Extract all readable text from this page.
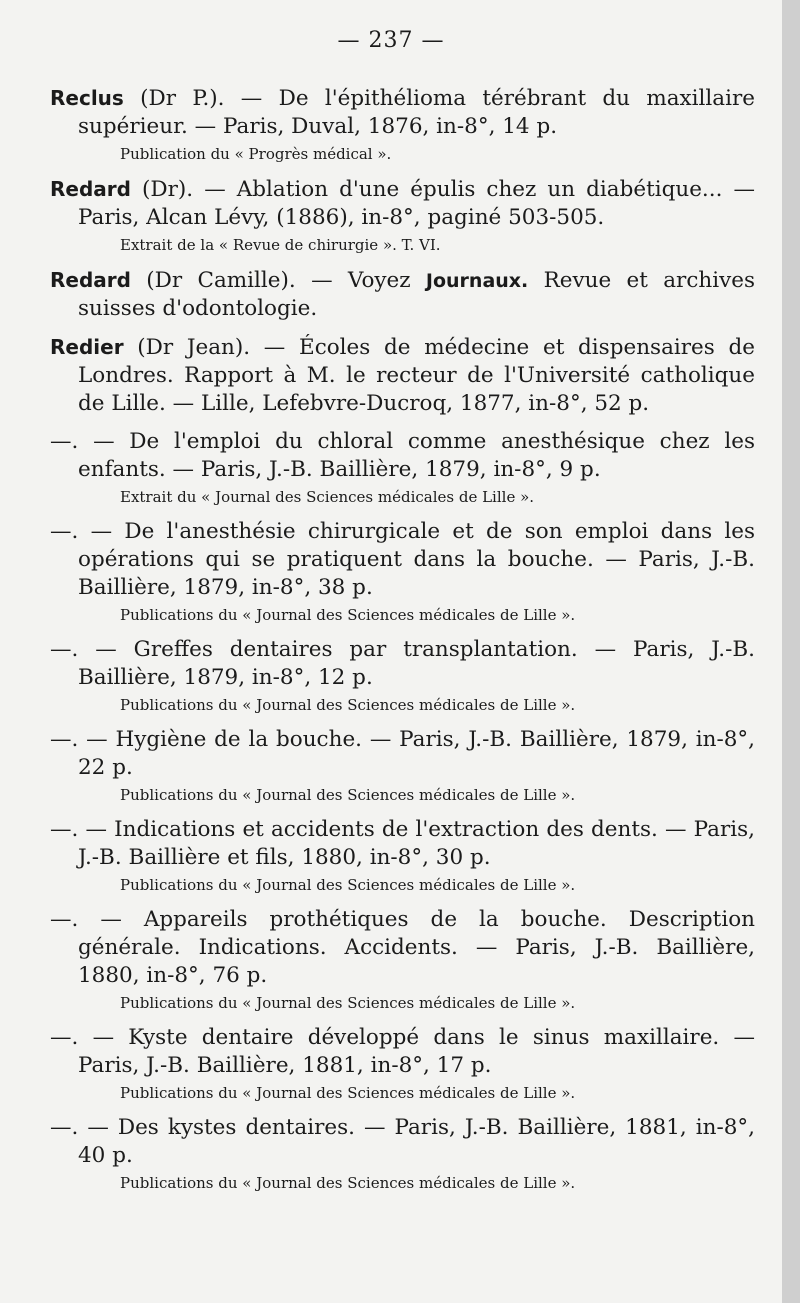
— 237 —
Reclus (Dr P.). — De l'épithélioma térébrant du maxillaire supérieur. — Paris, Duval, 1876, in-8°, 14 p.
Publication du « Progrès médical ».
Redard (Dr). — Ablation d'une épulis chez un diabétique... — Paris, Alcan Lévy, (1886), in-8°, paginé 503-505.
Extrait de la « Revue de chirurgie ». T. VI.
Redard (Dr Camille). — Voyez Journaux. Revue et archives suisses d'odontologie.
Redier (Dr Jean). — Écoles de médecine et dispensaires de Londres. Rapport à M. le recteur de l'Université catholique de Lille. — Lille, Lefebvre-Ducroq, 1877, in-8°, 52 p.
—. — De l'emploi du chloral comme anesthésique chez les enfants. — Paris, J.-B. Baillière, 1879, in-8°, 9 p.
Extrait du « Journal des Sciences médicales de Lille ».
—. — De l'anesthésie chirurgicale et de son emploi dans les opérations qui se pratiquent dans la bouche. — Paris, J.-B. Baillière, 1879, in-8°, 38 p.
Publications du « Journal des Sciences médicales de Lille ».
—. — Greffes dentaires par transplantation. — Paris, J.-B. Baillière, 1879, in-8°, 12 p.
Publications du « Journal des Sciences médicales de Lille ».
—. — Hygiène de la bouche. — Paris, J.-B. Baillière, 1879, in-8°, 22 p.
Publications du « Journal des Sciences médicales de Lille ».
—. — Indications et accidents de l'extraction des dents. — Paris, J.-B. Baillière et fils, 1880, in-8°, 30 p.
Publications du « Journal des Sciences médicales de Lille ».
—. — Appareils prothétiques de la bouche. Description générale. Indications. Accidents. — Paris, J.-B. Baillière, 1880, in-8°, 76 p.
Publications du « Journal des Sciences médicales de Lille ».
—. — Kyste dentaire développé dans le sinus maxillaire. — Paris, J.-B. Baillière, 1881, in-8°, 17 p.
Publications du « Journal des Sciences médicales de Lille ».
—. — Des kystes dentaires. — Paris, J.-B. Baillière, 1881, in-8°, 40 p.
Publications du « Journal des Sciences médicales de Lille ».
